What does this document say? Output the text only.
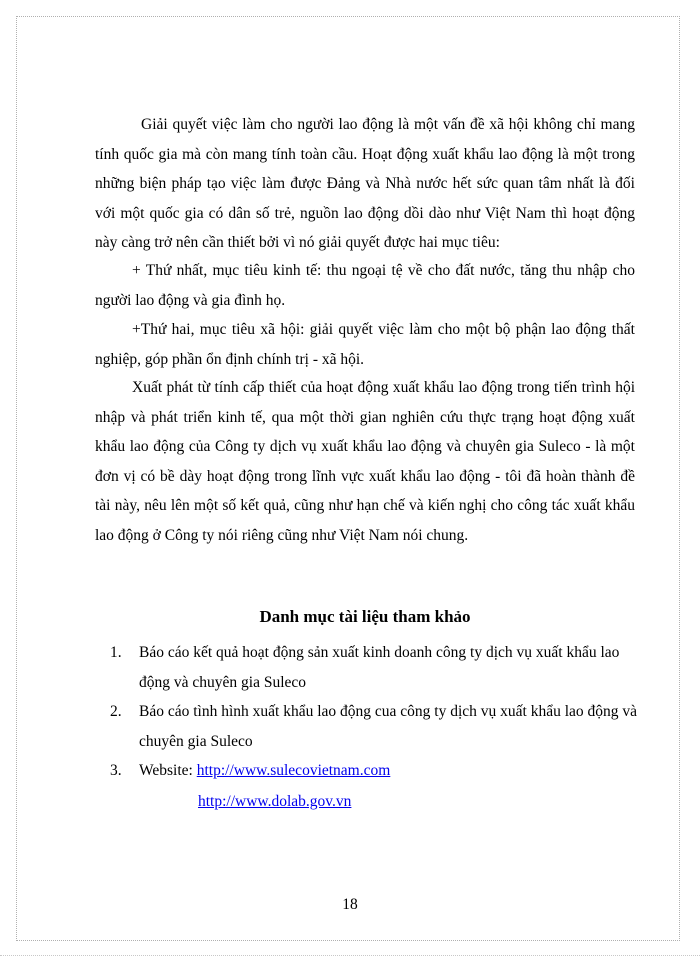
Giải quyết việc làm cho người lao động là một vấn đề xã hội không chỉ mang tính quốc gia mà còn mang tính toàn cầu. Hoạt động xuất khẩu lao động là một trong những biện pháp tạo việc làm được Đảng và Nhà nước hết sức quan tâm nhất là đối với một quốc gia có dân số trẻ, nguồn lao động dồi dào như Việt Nam thì hoạt động này càng trở nên cần thiết bởi vì nó giải quyết được hai mục tiêu:

+ Thứ nhất, mục tiêu kinh tế: thu ngoại tệ về cho đất nước, tăng thu nhập cho người lao động và gia đình họ.

+Thứ hai, mục tiêu xã hội: giải quyết việc làm cho một bộ phận lao động thất nghiệp, góp phần ổn định chính trị - xã hội.

Xuất phát từ tính cấp thiết của hoạt động xuất khẩu lao động trong tiến trình hội nhập và phát triển kinh tế, qua một thời gian nghiên cứu thực trạng hoạt động xuất khẩu lao động của Công ty dịch vụ xuất khẩu lao động và chuyên gia Suleco - là một đơn vị có bề dày hoạt động trong lĩnh vực xuất khẩu lao động - tôi đã hoàn thành đề tài này, nêu lên một số kết quả, cũng như hạn chế và kiến nghị cho công tác xuất khẩu lao động ở Công ty nói riêng cũng như Việt Nam nói chung.

Danh mục tài liệu tham khảo
1. Báo cáo kết quả hoạt động sản xuất kinh doanh công ty dịch vụ xuất khẩu lao động và chuyên gia Suleco
2. Báo cáo tình hình xuất khẩu lao động cua công ty dịch vụ xuất khẩu lao động và chuyên gia Suleco
3. Website: http://www.sulecovietnam.com
http://www.dolab.gov.vn
18
